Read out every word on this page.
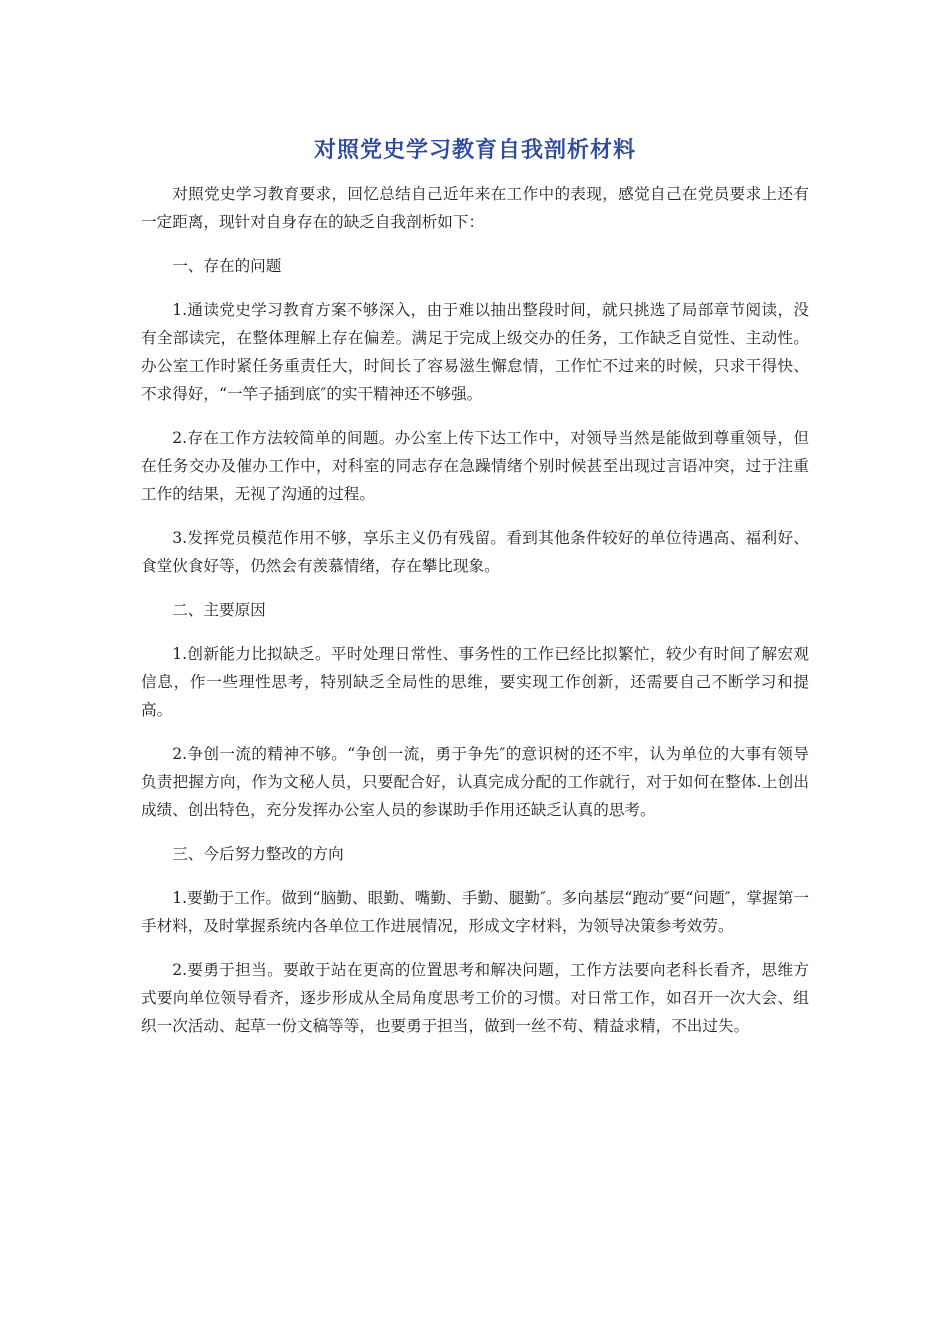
对照党史学习教育自我剖析材料

对照党史学习教育要求，回忆总结自己近年来在工作中的表现，感觉自己在党员要求上还有一定距离，现针对自身存在的缺乏自我剖析如下：

一、存在的问题

1.通读党史学习教育方案不够深入，由于难以抽出整段时间，就只挑选了局部章节阅读，没有全部读完，在整体理解上存在偏差。满足于完成上级交办的任务，工作缺乏自觉性、主动性。办公室工作时紧任务重责任大，时间长了容易滋生懈怠情，工作忙不过来的时候，只求干得快、不求得好，“一竿子插到底″的实干精神还不够强。

2.存在工作方法较简单的间题。办公室上传下达工作中，对领导当然是能做到尊重领导，但在任务交办及催办工作中，对科室的同志存在急躁情绪个别时候甚至出现过言语冲突，过于注重工作的结果，无视了沟通的过程。

3.发挥党员模范作用不够，享乐主义仍有残留。看到其他条件较好的单位待遇高、福利好、食堂伙食好等，仍然会有羡慕情绪，存在攀比现象。

二、主要原因

1.创新能力比拟缺乏。平时处理日常性、事务性的工作已经比拟繁忙，较少有时间了解宏观信息，作一些理性思考，特别缺乏全局性的思维，要实现工作创新，还需要自己不断学习和提高。

2.争创一流的精神不够。“争创一流，勇于争先″的意识树的还不牢，认为单位的大事有领导负责把握方向，作为文秘人员，只要配合好，认真完成分配的工作就行，对于如何在整体.上创出成绩、创出特色，充分发挥办公室人员的参谋助手作用还缺乏认真的思考。

三、今后努力整改的方向

1.要勤于工作。做到“脑勤、眼勤、嘴勤、手勤、腿勤″。多向基层“跑动″要“问题″，掌握第一手材料，及时掌握系统内各单位工作进展情况，形成文字材料，为领导决策参考效劳。

2.要勇于担当。要敢于站在更高的位置思考和解决问题，工作方法要向老科长看齐，思维方式要向单位领导看齐，逐步形成从全局角度思考工价的习惯。对日常工作，如召开一次大会、组织一次活动、起草一份文稿等等，也要勇于担当，做到一丝不苟、精益求精，不出过失。
